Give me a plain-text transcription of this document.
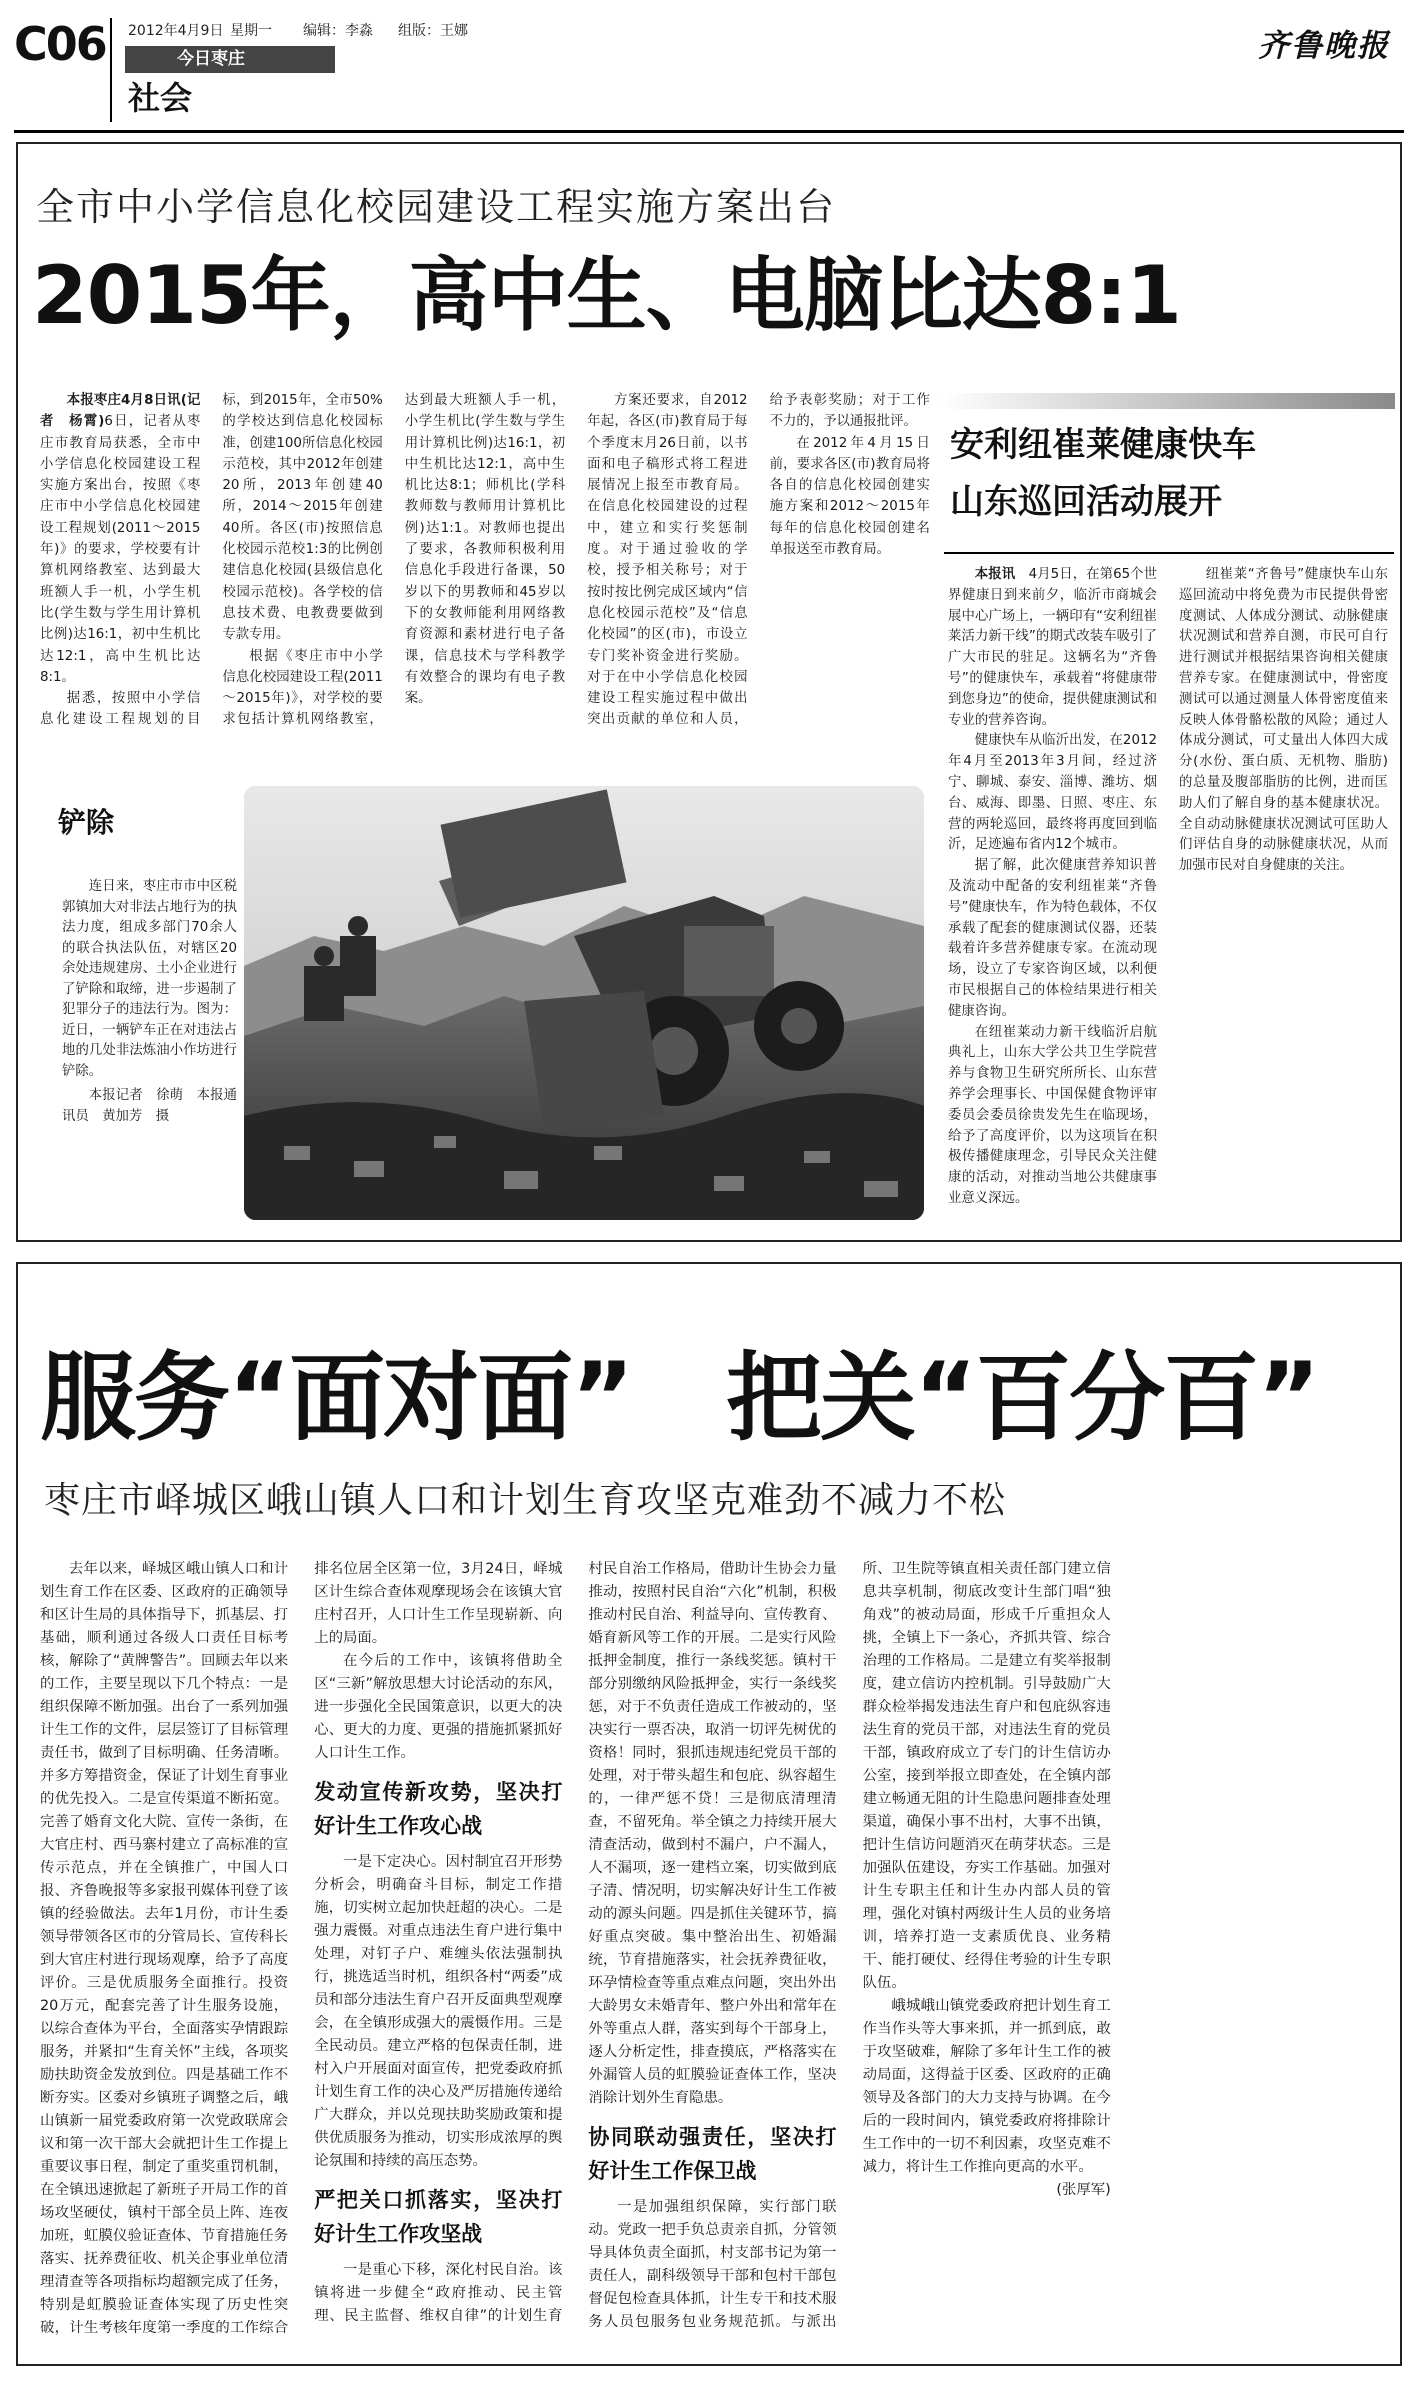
C06 2012年4月9日 星期一 编辑：李淼 组版：王娜
今日枣庄
社会
齐鲁晚报
全市中小学信息化校园建设工程实施方案出台
2015年，高中生、电脑比达8:1

本报枣庄4月8日讯(记者　杨霄)6日，记者从枣庄市教育局获悉，全市中小学信息化校园建设工程实施方案出台，按照《枣庄市中小学信息化校园建设工程规划(2011～2015年)》的要求，学校要有计算机网络教室、达到最大班额人手一机，小学生机比(学生数与学生用计算机比例)达16:1，初中生机比达12:1，高中生机比达8:1。

据悉，按照中小学信息化建设工程规划的目标，到2015年，全市50%的学校达到信息化校园标准，创建100所信息化校园示范校，其中2012年创建20所，2013年创建40所，2014～2015年创建40所。各区(市)按照信息化校园示范校1:3的比例创建信息化校园(县级信息化校园示范校)。各学校的信息技术费、电教费要做到专款专用。

根据《枣庄市中小学信息化校园建设工程(2011～2015年)》，对学校的要求包括计算机网络教室，达到最大班额人手一机，小学生机比(学生数与学生用计算机比例)达16:1，初中生机比达12:1，高中生机比达8:1；师机比(学科教师数与教师用计算机比例)达1:1。对教师也提出了要求，各教师积极利用信息化手段进行备课，50岁以下的男教师和45岁以下的女教师能利用网络教育资源和素材进行电子备课，信息技术与学科教学有效整合的课均有电子教案。

方案还要求，自2012年起，各区(市)教育局于每个季度末月26日前，以书面和电子稿形式将工程进展情况上报至市教育局。在信息化校园建设的过程中，建立和实行奖惩制度。对于通过验收的学校，授予相关称号；对于按时按比例完成区域内“信息化校园示范校”及“信息化校园”的区(市)，市设立专门奖补资金进行奖励。对于在中小学信息化校园建设工程实施过程中做出突出贡献的单位和人员，给予表彰奖励；对于工作不力的，予以通报批评。

在2012年4月15日前，要求各区(市)教育局将各自的信息化校园创建实施方案和2012～2015年每年的信息化校园创建名单报送至市教育局。

铲除

连日来，枣庄市市中区税郭镇加大对非法占地行为的执法力度，组成多部门70余人的联合执法队伍，对辖区20余处违规建房、土小企业进行了铲除和取缔，进一步遏制了犯罪分子的违法行为。图为：近日，一辆铲车正在对违法占地的几处非法炼油小作坊进行铲除。

本报记者　徐萌　本报通讯员　黄加芳　摄

安利纽崔莱健康快车
山东巡回活动展开

本报讯　 4月5日，在第65个世界健康日到来前夕，临沂市商城会展中心广场上，一辆印有“安利纽崔莱活力新干线”的期式改装车吸引了广大市民的驻足。这辆名为“齐鲁号”的健康快车，承载着“将健康带到您身边”的使命，提供健康测试和专业的营养咨询。

健康快车从临沂出发，在2012年4月至2013年3月间，经过济宁、聊城、泰安、淄博、潍坊、烟台、威海、即墨、日照、枣庄、东营的两轮巡回，最终将再度回到临沂，足迹遍布省内12个城市。

据了解，此次健康营养知识普及流动中配备的安利纽崔莱“齐鲁号”健康快车，作为特色载体，不仅承载了配套的健康测试仪器，还装载着许多营养健康专家。在流动现场，设立了专家咨询区域，以利便市民根据自己的体检结果进行相关健康咨询。

在纽崔莱动力新干线临沂启航典礼上，山东大学公共卫生学院营养与食物卫生研究所所长、山东营养学会理事长、中国保健食物评审委员会委员徐贵发先生在临现场，给予了高度评价，以为这项旨在积极传播健康理念，引导民众关注健康的活动，对推动当地公共健康事业意义深远。

纽崔莱“齐鲁号”健康快车山东巡回流动中将免费为市民提供骨密度测试、人体成分测试、动脉健康状况测试和营养自测，市民可自行进行测试并根据结果咨询相关健康营养专家。在健康测试中，骨密度测试可以通过测量人体骨密度值来反映人体骨骼松散的风险；通过人体成分测试，可丈量出人体四大成分(水份、蛋白质、无机物、脂肪)的总量及腹部脂肪的比例，进而匡助人们了解自身的基本健康状况。全自动动脉健康状况测试可匡助人们评估自身的动脉健康状况，从而加强市民对自身健康的关注。

服务“面对面”　把关“百分百”
枣庄市峄城区峨山镇人口和计划生育攻坚克难劲不减力不松

去年以来，峄城区峨山镇人口和计划生育工作在区委、区政府的正确领导和区计生局的具体指导下，抓基层、打基础，顺利通过各级人口责任目标考核，解除了“黄牌警告”。回顾去年以来的工作，主要呈现以下几个特点：一是组织保障不断加强。出台了一系列加强计生工作的文件，层层签订了目标管理责任书，做到了目标明确、任务清晰。并多方筹措资金，保证了计划生育事业的优先投入。二是宣传渠道不断拓宽。完善了婚育文化大院、宣传一条街，在大官庄村、西马寨村建立了高标准的宣传示范点，并在全镇推广，中国人口报、齐鲁晚报等多家报刊媒体刊登了该镇的经验做法。去年1月份，市计生委领导带领各区市的分管局长、宣传科长到大官庄村进行现场观摩，给予了高度评价。三是优质服务全面推行。投资20万元，配套完善了计生服务设施，以综合查体为平台，全面落实孕情跟踪服务，并紧扣“生育关怀”主线，各项奖励扶助资金发放到位。四是基础工作不断夯实。区委对乡镇班子调整之后，峨山镇新一届党委政府第一次党政联席会议和第一次干部大会就把计生工作提上重要议事日程，制定了重奖重罚机制，在全镇迅速掀起了新班子开局工作的首场攻坚硬仗，镇村干部全员上阵、连夜加班，虹膜仪验证查体、节育措施任务落实、抚养费征收、机关企事业单位清理清查等各项指标均超额完成了任务，特别是虹膜验证查体实现了历史性突破，计生考核年度第一季度的工作综合排名位居全区第一位，3月24日，峄城区计生综合查体观摩现场会在该镇大官庄村召开，人口计生工作呈现崭新、向上的局面。

在今后的工作中，该镇将借助全区“三新”解放思想大讨论活动的东风，进一步强化全民国策意识，以更大的决心、更大的力度、更强的措施抓紧抓好人口计生工作。

发动宣传新攻势，坚决打好计生工作攻心战

一是下定决心。因村制宜召开形势分析会，明确奋斗目标，制定工作措施，切实树立起加快赶超的决心。二是强力震慑。对重点违法生育户进行集中处理，对钉子户、难缠头依法强制执行，挑选适当时机，组织各村“两委”成员和部分违法生育户召开反面典型观摩会，在全镇形成强大的震慑作用。三是全民动员。建立严格的包保责任制，进村入户开展面对面宣传，把党委政府抓计划生育工作的决心及严厉措施传递给广大群众，并以兑现扶助奖励政策和提供优质服务为推动，切实形成浓厚的舆论氛围和持续的高压态势。

严把关口抓落实，坚决打好计生工作攻坚战

一是重心下移，深化村民自治。该镇将进一步健全“政府推动、民主管理、民主监督、维权自律”的计划生育村民自治工作格局，借助计生协会力量推动，按照村民自治“六化”机制，积极推动村民自治、利益导向、宣传教育、婚育新风等工作的开展。二是实行风险抵押金制度，推行一条线奖惩。镇村干部分别缴纳风险抵押金，实行一条线奖惩，对于不负责任造成工作被动的，坚决实行一票否决，取消一切评先树优的资格！同时，狠抓违规违纪党员干部的处理，对于带头超生和包庇、纵容超生的，一律严惩不贷！三是彻底清理清查，不留死角。举全镇之力持续开展大清查活动，做到村不漏户，户不漏人，人不漏项，逐一建档立案，切实做到底子清、情况明，切实解决好计生工作被动的源头问题。四是抓住关键环节，搞好重点突破。集中整治出生、初婚漏统，节育措施落实，社会抚养费征收，环孕情检查等重点难点问题，突出外出大龄男女未婚青年、整户外出和常年在外等重点人群，落实到每个干部身上，逐人分析定性，排查摸底，严格落实在外漏管人员的虹膜验证查体工作，坚决消除计划外生育隐患。

协同联动强责任，坚决打好计生工作保卫战

一是加强组织保障，实行部门联动。党政一把手负总责亲自抓，分管领导具体负责全面抓，村支部书记为第一责任人，副科级领导干部和包村干部包督促包检查具体抓，计生专干和技术服务人员包服务包业务规范抓。与派出所、卫生院等镇直相关责任部门建立信息共享机制，彻底改变计生部门唱“独角戏”的被动局面，形成千斤重担众人挑，全镇上下一条心，齐抓共管、综合治理的工作格局。二是建立有奖举报制度，建立信访内控机制。引导鼓励广大群众检举揭发违法生育户和包庇纵容违法生育的党员干部，对违法生育的党员干部，镇政府成立了专门的计生信访办公室，接到举报立即查处，在全镇内部建立畅通无阻的计生隐患问题排查处理渠道，确保小事不出村，大事不出镇，把计生信访问题消灭在萌芽状态。三是加强队伍建设，夯实工作基础。加强对计生专职主任和计生办内部人员的管理，强化对镇村两级计生人员的业务培训，培养打造一支素质优良、业务精干、能打硬仗、经得住考验的计生专职队伍。

峨城峨山镇党委政府把计划生育工作当作头等大事来抓，并一抓到底，敢于攻坚破难，解除了多年计生工作的被动局面，这得益于区委、区政府的正确领导及各部门的大力支持与协调。在今后的一段时间内，镇党委政府将排除计生工作中的一切不利因素，攻坚克难不减力，将计生工作推向更高的水平。

(张厚军)
